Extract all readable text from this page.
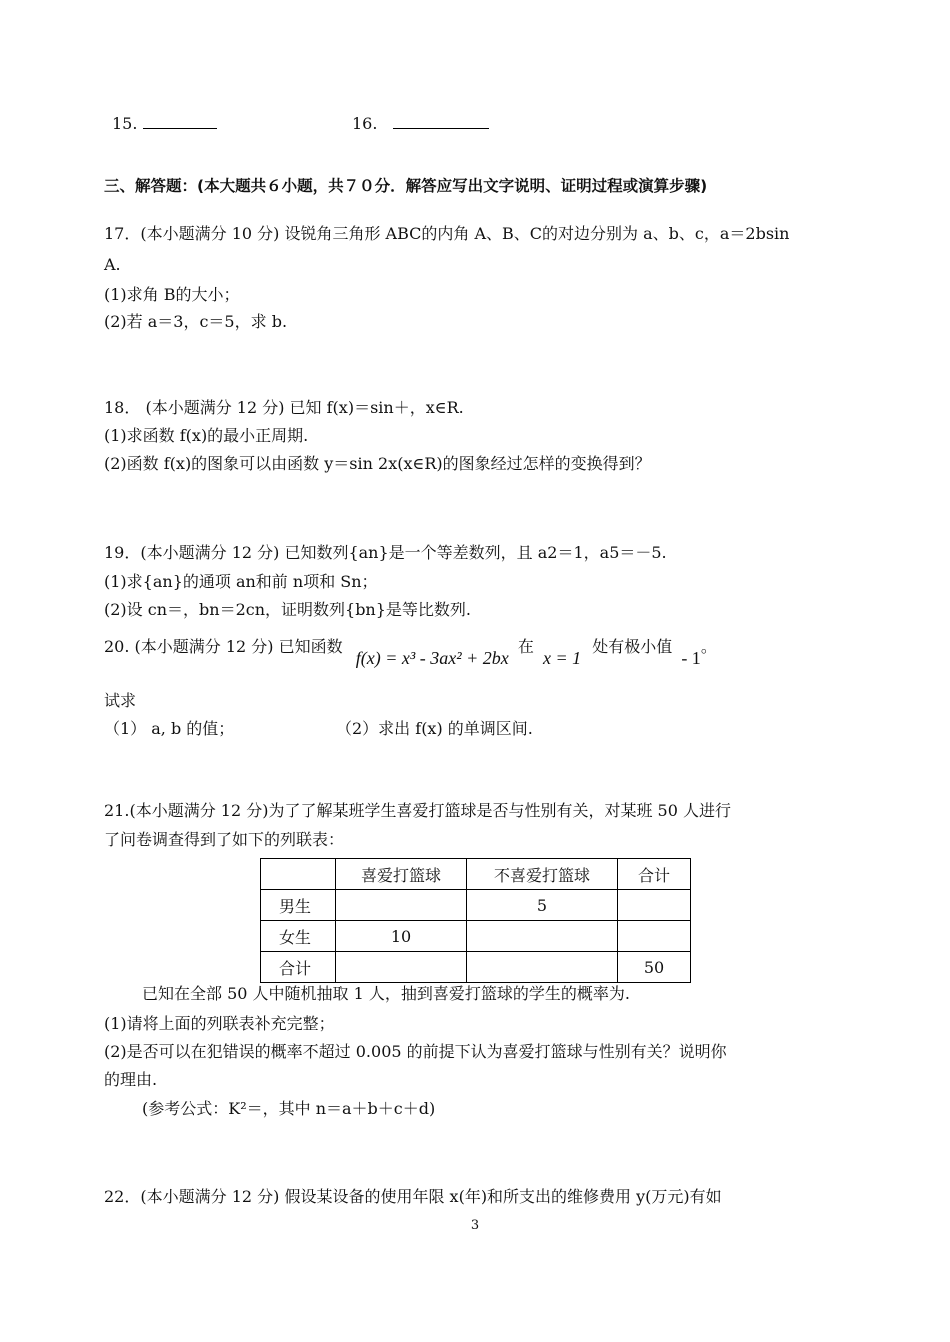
15.	16.
三、解答题：(本大题共６小题，共７０分．解答应写出文字说明、证明过程或演算步骤)
17．(本小题满分 10 分) 设锐角三角形 ABC的内角 A、B、C的对边分别为 a、b、c，a＝2bsin
A.
(1)求角 B的大小；
(2)若 a＝3，c＝5，求 b.
18． (本小题满分 12 分) 已知 f(x)＝sin＋，x∈R.
(1)求函数 f(x)的最小正周期.
(2)函数 f(x)的图象可以由函数 y＝sin 2x(x∈R)的图象经过怎样的变换得到？
19．(本小题满分 12 分) 已知数列{an}是一个等差数列，且 a2＝1，a5＝－5.
(1)求{an}的通项 an和前 n项和 Sn；
(2)设 cn＝，bn＝2cn，证明数列{bn}是等比数列.
20. (本小题满分 12 分) 已知函数 f(x) = x³ - 3ax² + 2bx 在 x = 1 处有极小值 - 1。
试求
（1） a, b 的值；	（2）求出 f(x) 的单调区间.
21.(本小题满分 12 分)为了了解某班学生喜爱打篮球是否与性别有关，对某班 50 人进行
了问卷调查得到了如下的列联表：
	喜爱打篮球	不喜爱打篮球	合计
男生		5	
女生	10		
合计			50
已知在全部 50 人中随机抽取 1 人，抽到喜爱打篮球的学生的概率为.
(1)请将上面的列联表补充完整；
(2)是否可以在犯错误的概率不超过 0.005 的前提下认为喜爱打篮球与性别有关？说明你
的理由.
(参考公式：K²＝，其中 n＝a＋b＋c＋d)
22．(本小题满分 12 分) 假设某设备的使用年限 x(年)和所支出的维修费用 y(万元)有如
3
